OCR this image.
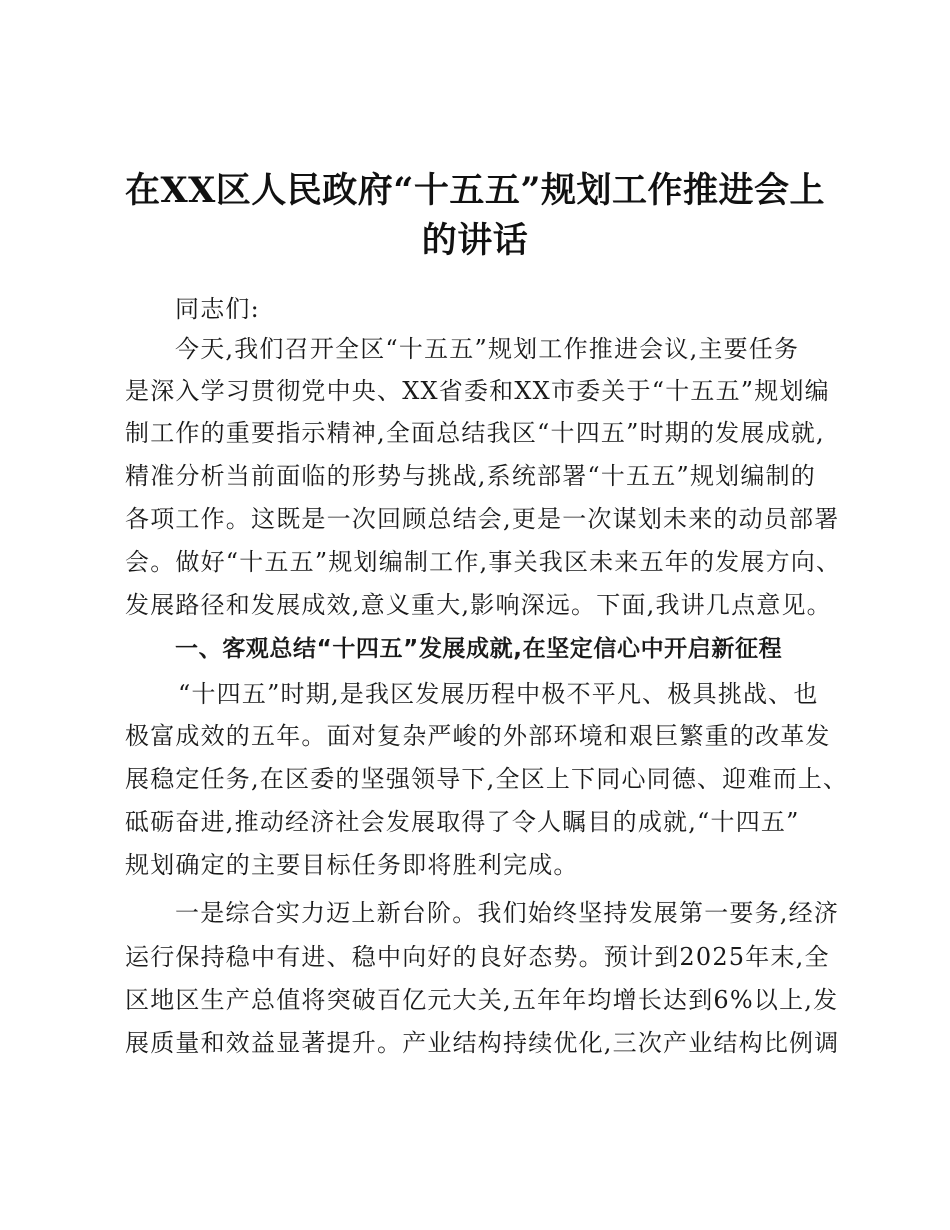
在XX区人民政府“十五五”规划工作推进会上
的讲话
同志们:
今天,我们召开全区“十五五”规划工作推进会议,主要任务
是深入学习贯彻党中央、XX省委和XX市委关于“十五五”规划编
制工作的重要指示精神,全面总结我区“十四五”时期的发展成就,
精准分析当前面临的形势与挑战,系统部署“十五五”规划编制的
各项工作。这既是一次回顾总结会,更是一次谋划未来的动员部署
会。做好“十五五”规划编制工作,事关我区未来五年的发展方向、
发展路径和发展成效,意义重大,影响深远。下面,我讲几点意见。
一、客观总结“十四五”发展成就,在坚定信心中开启新征程
“十四五”时期,是我区发展历程中极不平凡、极具挑战、也
极富成效的五年。面对复杂严峻的外部环境和艰巨繁重的改革发
展稳定任务,在区委的坚强领导下,全区上下同心同德、迎难而上、
砥砺奋进,推动经济社会发展取得了令人瞩目的成就,“十四五”
规划确定的主要目标任务即将胜利完成。
一是综合实力迈上新台阶。我们始终坚持发展第一要务,经济
运行保持稳中有进、稳中向好的良好态势。预计到2025年末,全
区地区生产总值将突破百亿元大关,五年年均增长达到6%以上,发
展质量和效益显著提升。产业结构持续优化,三次产业结构比例调
